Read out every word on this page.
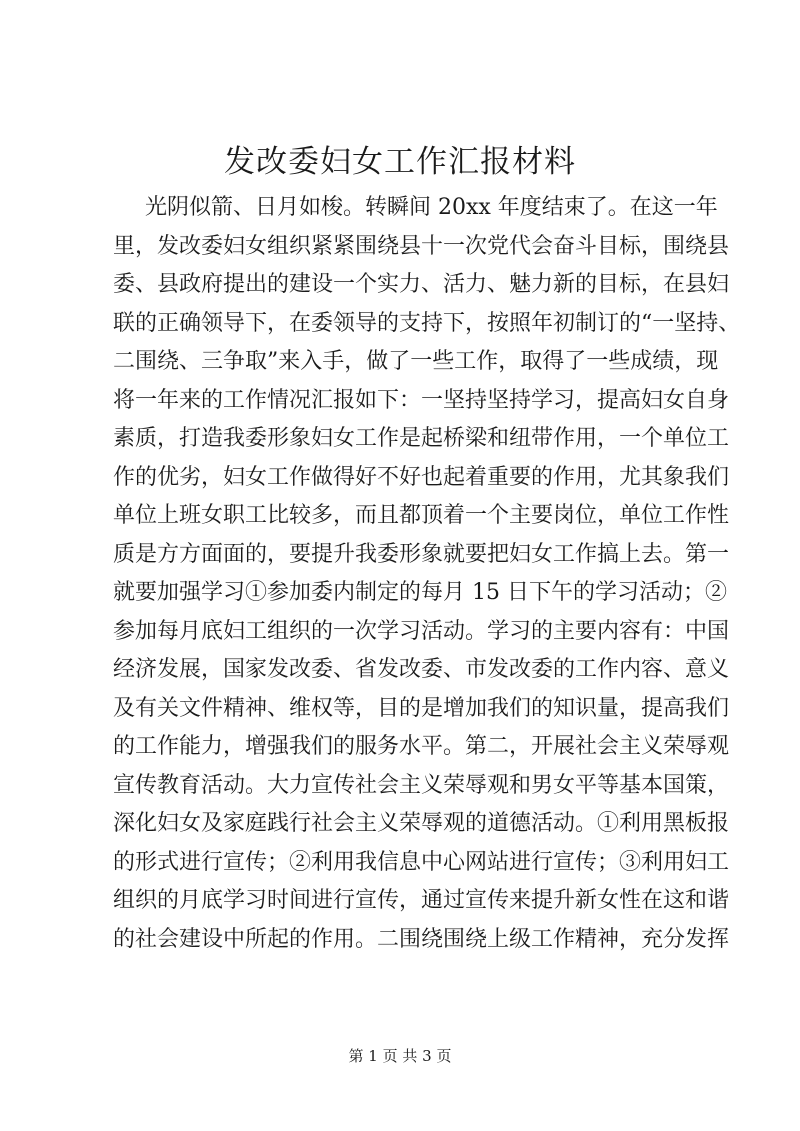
发改委妇女工作汇报材料
光阴似箭、日月如梭。转瞬间 20xx 年度结束了。在这一年
里，发改委妇女组织紧紧围绕县十一次党代会奋斗目标，围绕县
委、县政府提出的建设一个实力、活力、魅力新的目标，在县妇
联的正确领导下，在委领导的支持下，按照年初制订的“一坚持、
二围绕、三争取”来入手，做了一些工作，取得了一些成绩，现
将一年来的工作情况汇报如下：一坚持坚持学习，提高妇女自身
素质，打造我委形象妇女工作是起桥梁和纽带作用，一个单位工
作的优劣，妇女工作做得好不好也起着重要的作用，尤其象我们
单位上班女职工比较多，而且都顶着一个主要岗位，单位工作性
质是方方面面的，要提升我委形象就要把妇女工作搞上去。第一
就要加强学习①参加委内制定的每月 15 日下午的学习活动；②
参加每月底妇工组织的一次学习活动。学习的主要内容有：中国
经济发展，国家发改委、省发改委、市发改委的工作内容、意义
及有关文件精神、维权等，目的是增加我们的知识量，提高我们
的工作能力，增强我们的服务水平。第二，开展社会主义荣辱观
宣传教育活动。大力宣传社会主义荣辱观和男女平等基本国策，
深化妇女及家庭践行社会主义荣辱观的道德活动。①利用黑板报
的形式进行宣传；②利用我信息中心网站进行宣传；③利用妇工
组织的月底学习时间进行宣传，通过宣传来提升新女性在这和谐
的社会建设中所起的作用。二围绕围绕上级工作精神，充分发挥
第 1 页 共 3 页
